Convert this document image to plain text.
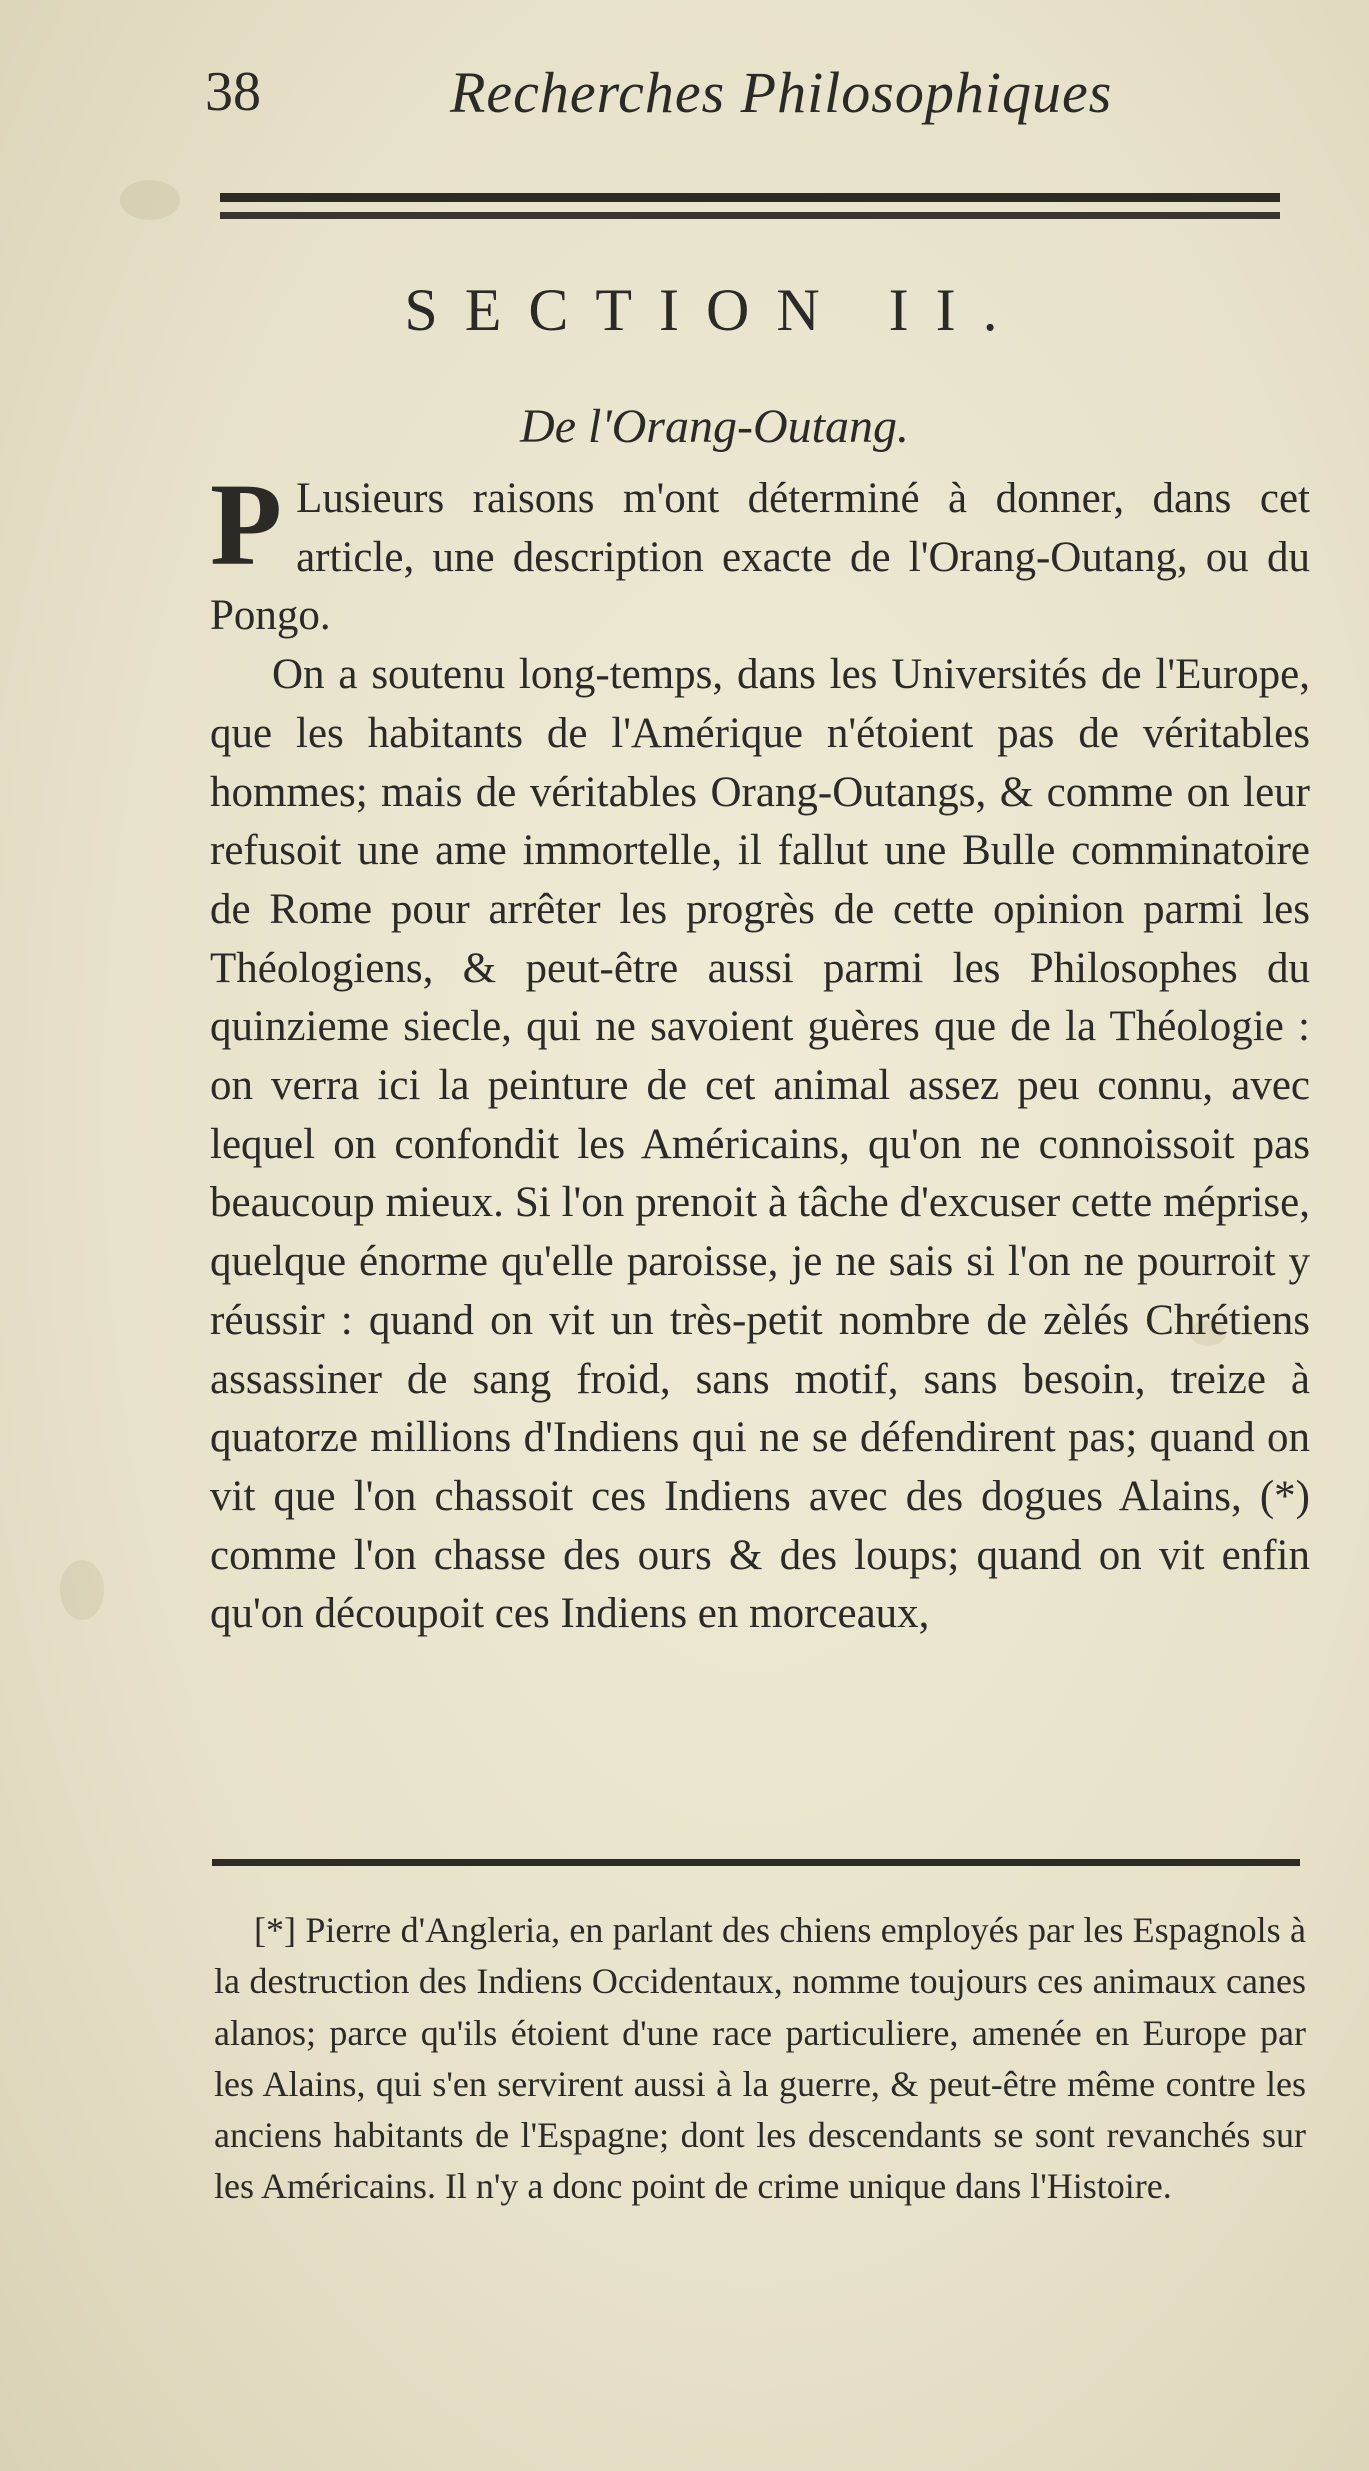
38	Recherches Philosophiques
SECTION II.
De l'Orang-Outang.

P Lusieurs raisons m'ont déterminé à donner, dans cet article, une description exacte de l'Orang-Outang, ou du Pongo.

On a soutenu long-temps, dans les Universités de l'Europe, que les habitants de l'Amérique n'étoient pas de véritables hommes; mais de véritables Orang-Outangs, & comme on leur refusoit une ame immortelle, il fallut une Bulle comminatoire de Rome pour arrêter les progrès de cette opinion parmi les Théologiens, & peut-être aussi parmi les Philosophes du quinzieme siecle, qui ne savoient guères que de la Théologie : on verra ici la peinture de cet animal assez peu connu, avec lequel on confondit les Américains, qu'on ne connoissoit pas beaucoup mieux. Si l'on prenoit à tâche d'excuser cette méprise, quelque énorme qu'elle paroisse, je ne sais si l'on ne pourroit y réussir : quand on vit un très-petit nombre de zèlés Chrétiens assassiner de sang froid, sans motif, sans besoin, treize à quatorze millions d'Indiens qui ne se défendirent pas; quand on vit que l'on chassoit ces Indiens avec des dogues Alains, (*) comme l'on chasse des ours & des loups; quand on vit enfin qu'on découpoit ces Indiens en morceaux,

[*] Pierre d'Angleria, en parlant des chiens employés par les Espagnols à la destruction des Indiens Occidentaux, nomme toujours ces animaux canes alanos; parce qu'ils étoient d'une race particuliere, amenée en Europe par les Alains, qui s'en servirent aussi à la guerre, & peut-être même contre les anciens habitants de l'Espagne; dont les descendants se sont revanchés sur les Américains. Il n'y a donc point de crime unique dans l'Histoire.
